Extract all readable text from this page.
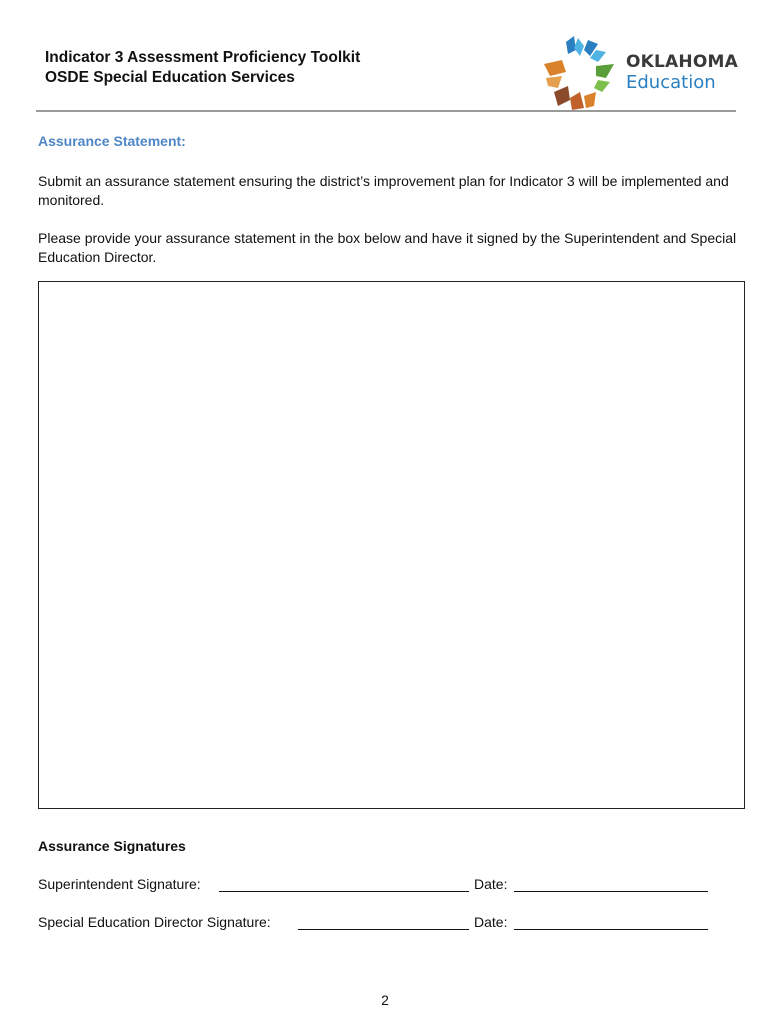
Indicator 3 Assessment Proficiency Toolkit
OSDE Special Education Services
OKLAHOMA
Education
Assurance Statement:
Submit an assurance statement ensuring the district’s improvement plan for Indicator 3 will be implemented and monitored.
Please provide your assurance statement in the box below and have it signed by the Superintendent and Special Education Director.
Assurance Signatures
Superintendent Signature:	Date:
Special Education Director Signature:	Date:
2
